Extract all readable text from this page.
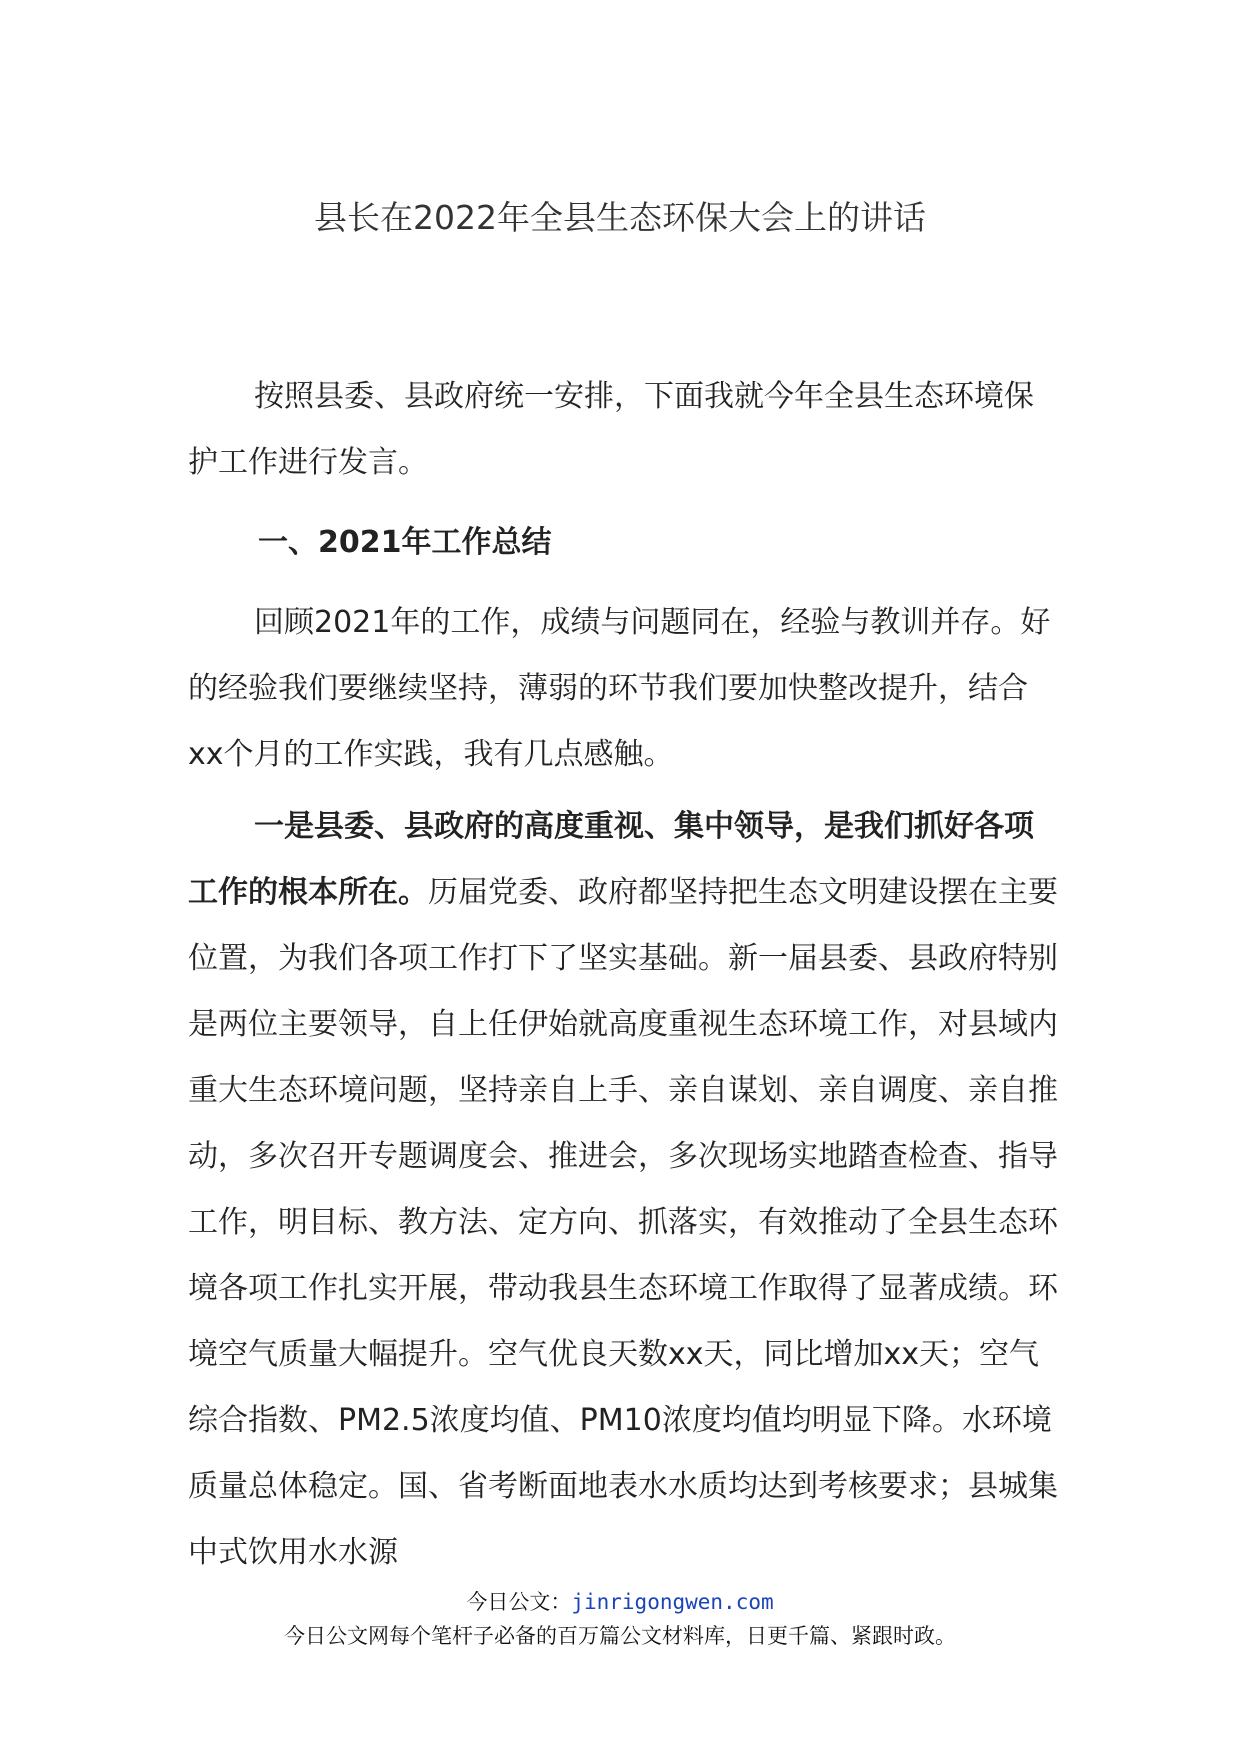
县长在2022年全县生态环保大会上的讲话

按照县委、县政府统一安排，下面我就今年全县生态环境保护工作进行发言。

一、2021年工作总结

回顾2021年的工作，成绩与问题同在，经验与教训并存。好的经验我们要继续坚持，薄弱的环节我们要加快整改提升，结合xx个月的工作实践，我有几点感触。

一是县委、县政府的高度重视、集中领导，是我们抓好各项工作的根本所在。历届党委、政府都坚持把生态文明建设摆在主要位置，为我们各项工作打下了坚实基础。新一届县委、县政府特别是两位主要领导，自上任伊始就高度重视生态环境工作，对县域内重大生态环境问题，坚持亲自上手、亲自谋划、亲自调度、亲自推动，多次召开专题调度会、推进会，多次现场实地踏查检查、指导工作，明目标、教方法、定方向、抓落实，有效推动了全县生态环境各项工作扎实开展，带动我县生态环境工作取得了显著成绩。环境空气质量大幅提升。空气优良天数xx天，同比增加xx天；空气综合指数、PM2.5浓度均值、PM10浓度均值均明显下降。水环境质量总体稳定。国、省考断面地表水水质均达到考核要求；县城集中式饮用水水源

今日公文：jinrigongwen.com
今日公文网每个笔杆子必备的百万篇公文材料库，日更千篇、紧跟时政。
